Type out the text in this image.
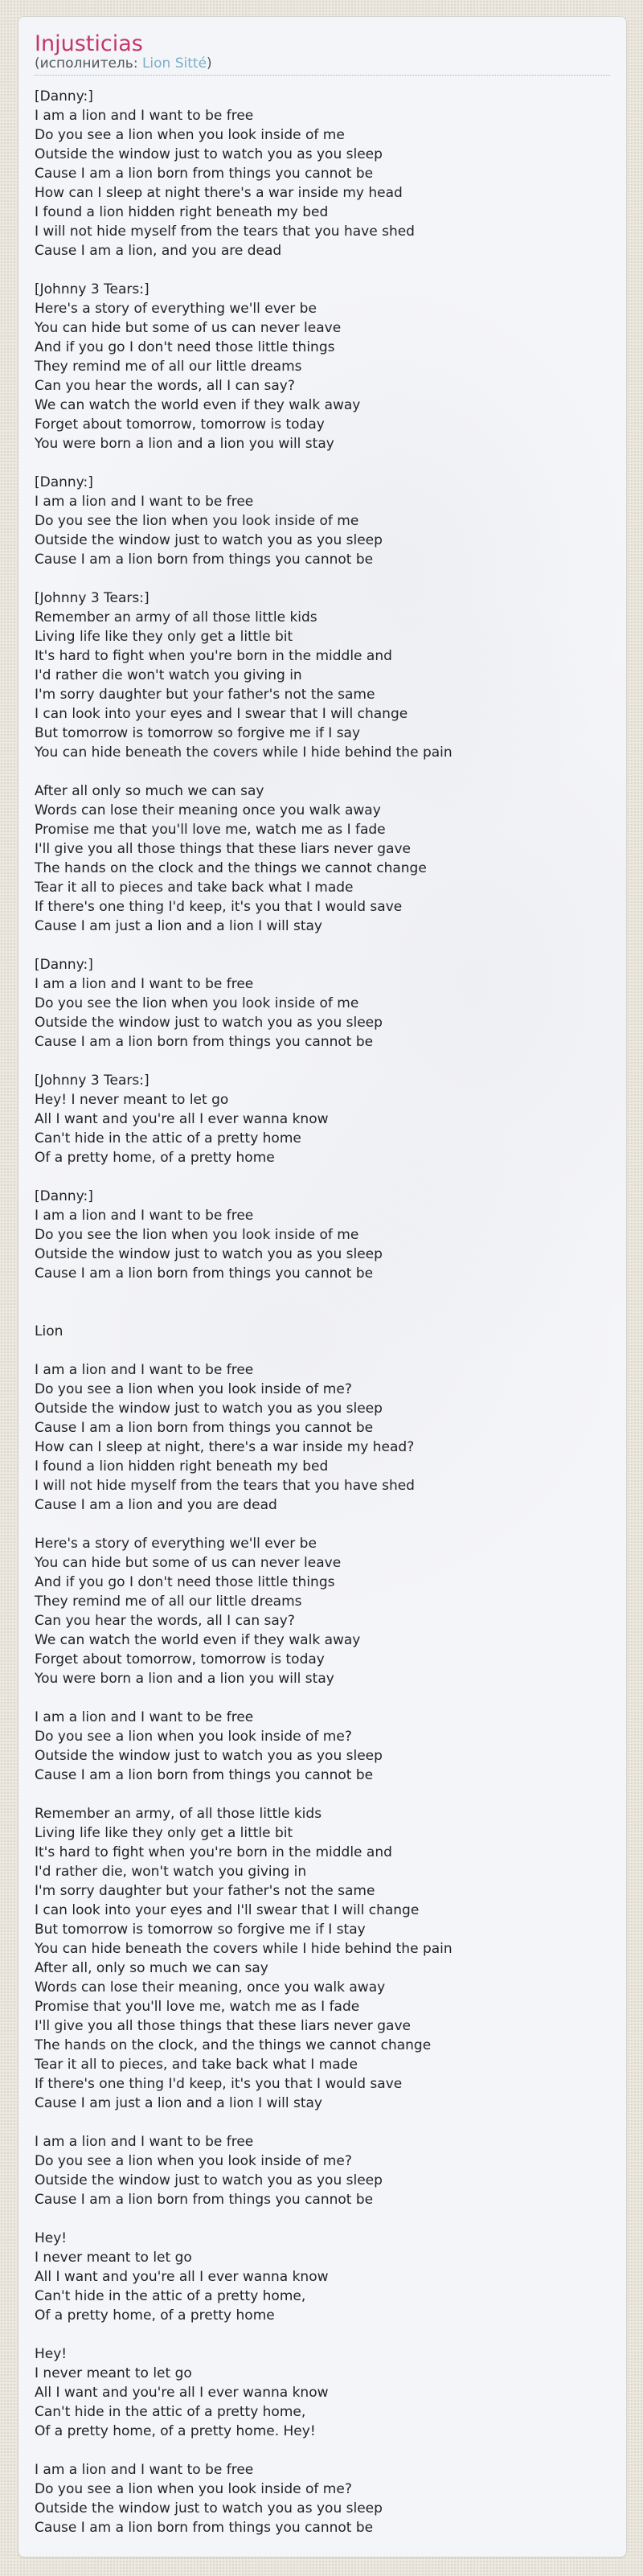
Injusticias
(исполнитель: Lion Sitté)
[Danny:]
I am a lion and I want to be free
Do you see a lion when you look inside of me
Outside the window just to watch you as you sleep
Cause I am a lion born from things you cannot be
How can I sleep at night there's a war inside my head
I found a lion hidden right beneath my bed
I will not hide myself from the tears that you have shed
Cause I am a lion, and you are dead

[Johnny 3 Tears:]
Here's a story of everything we'll ever be
You can hide but some of us can never leave
And if you go I don't need those little things
They remind me of all our little dreams
Can you hear the words, all I can say?
We can watch the world even if they walk away
Forget about tomorrow, tomorrow is today
You were born a lion and a lion you will stay

[Danny:]
I am a lion and I want to be free
Do you see the lion when you look inside of me
Outside the window just to watch you as you sleep
Cause I am a lion born from things you cannot be

[Johnny 3 Tears:]
Remember an army of all those little kids
Living life like they only get a little bit
It's hard to fight when you're born in the middle and
I'd rather die won't watch you giving in
I'm sorry daughter but your father's not the same
I can look into your eyes and I swear that I will change
But tomorrow is tomorrow so forgive me if I say
You can hide beneath the covers while I hide behind the pain

After all only so much we can say
Words can lose their meaning once you walk away
Promise me that you'll love me, watch me as I fade
I'll give you all those things that these liars never gave
The hands on the clock and the things we cannot change
Tear it all to pieces and take back what I made
If there's one thing I'd keep, it's you that I would save
Cause I am just a lion and a lion I will stay

[Danny:]
I am a lion and I want to be free
Do you see the lion when you look inside of me
Outside the window just to watch you as you sleep
Cause I am a lion born from things you cannot be

[Johnny 3 Tears:]
Hey! I never meant to let go
All I want and you're all I ever wanna know
Can't hide in the attic of a pretty home
Of a pretty home, of a pretty home

[Danny:]
I am a lion and I want to be free
Do you see the lion when you look inside of me
Outside the window just to watch you as you sleep
Cause I am a lion born from things you cannot be

Lion

I am a lion and I want to be free
Do you see a lion when you look inside of me?
Outside the window just to watch you as you sleep
Cause I am a lion born from things you cannot be
How can I sleep at night, there's a war inside my head?
I found a lion hidden right beneath my bed
I will not hide myself from the tears that you have shed
Cause I am a lion and you are dead

Here's a story of everything we'll ever be
You can hide but some of us can never leave
And if you go I don't need those little things
They remind me of all our little dreams
Can you hear the words, all I can say?
We can watch the world even if they walk away
Forget about tomorrow, tomorrow is today
You were born a lion and a lion you will stay

I am a lion and I want to be free
Do you see a lion when you look inside of me?
Outside the window just to watch you as you sleep
Cause I am a lion born from things you cannot be

Remember an army, of all those little kids
Living life like they only get a little bit
It's hard to fight when you're born in the middle and
I'd rather die, won't watch you giving in
I'm sorry daughter but your father's not the same
I can look into your eyes and I'll swear that I will change
But tomorrow is tomorrow so forgive me if I stay
You can hide beneath the covers while I hide behind the pain
After all, only so much we can say
Words can lose their meaning, once you walk away
Promise that you'll love me, watch me as I fade
I'll give you all those things that these liars never gave
The hands on the clock, and the things we cannot change
Tear it all to pieces, and take back what I made
If there's one thing I'd keep, it's you that I would save
Cause I am just a lion and a lion I will stay

I am a lion and I want to be free
Do you see a lion when you look inside of me?
Outside the window just to watch you as you sleep
Cause I am a lion born from things you cannot be

Hey!
I never meant to let go
All I want and you're all I ever wanna know
Can't hide in the attic of a pretty home,
Of a pretty home, of a pretty home

Hey!
I never meant to let go
All I want and you're all I ever wanna know
Can't hide in the attic of a pretty home,
Of a pretty home, of a pretty home. Hey!

I am a lion and I want to be free
Do you see a lion when you look inside of me?
Outside the window just to watch you as you sleep
Cause I am a lion born from things you cannot be
